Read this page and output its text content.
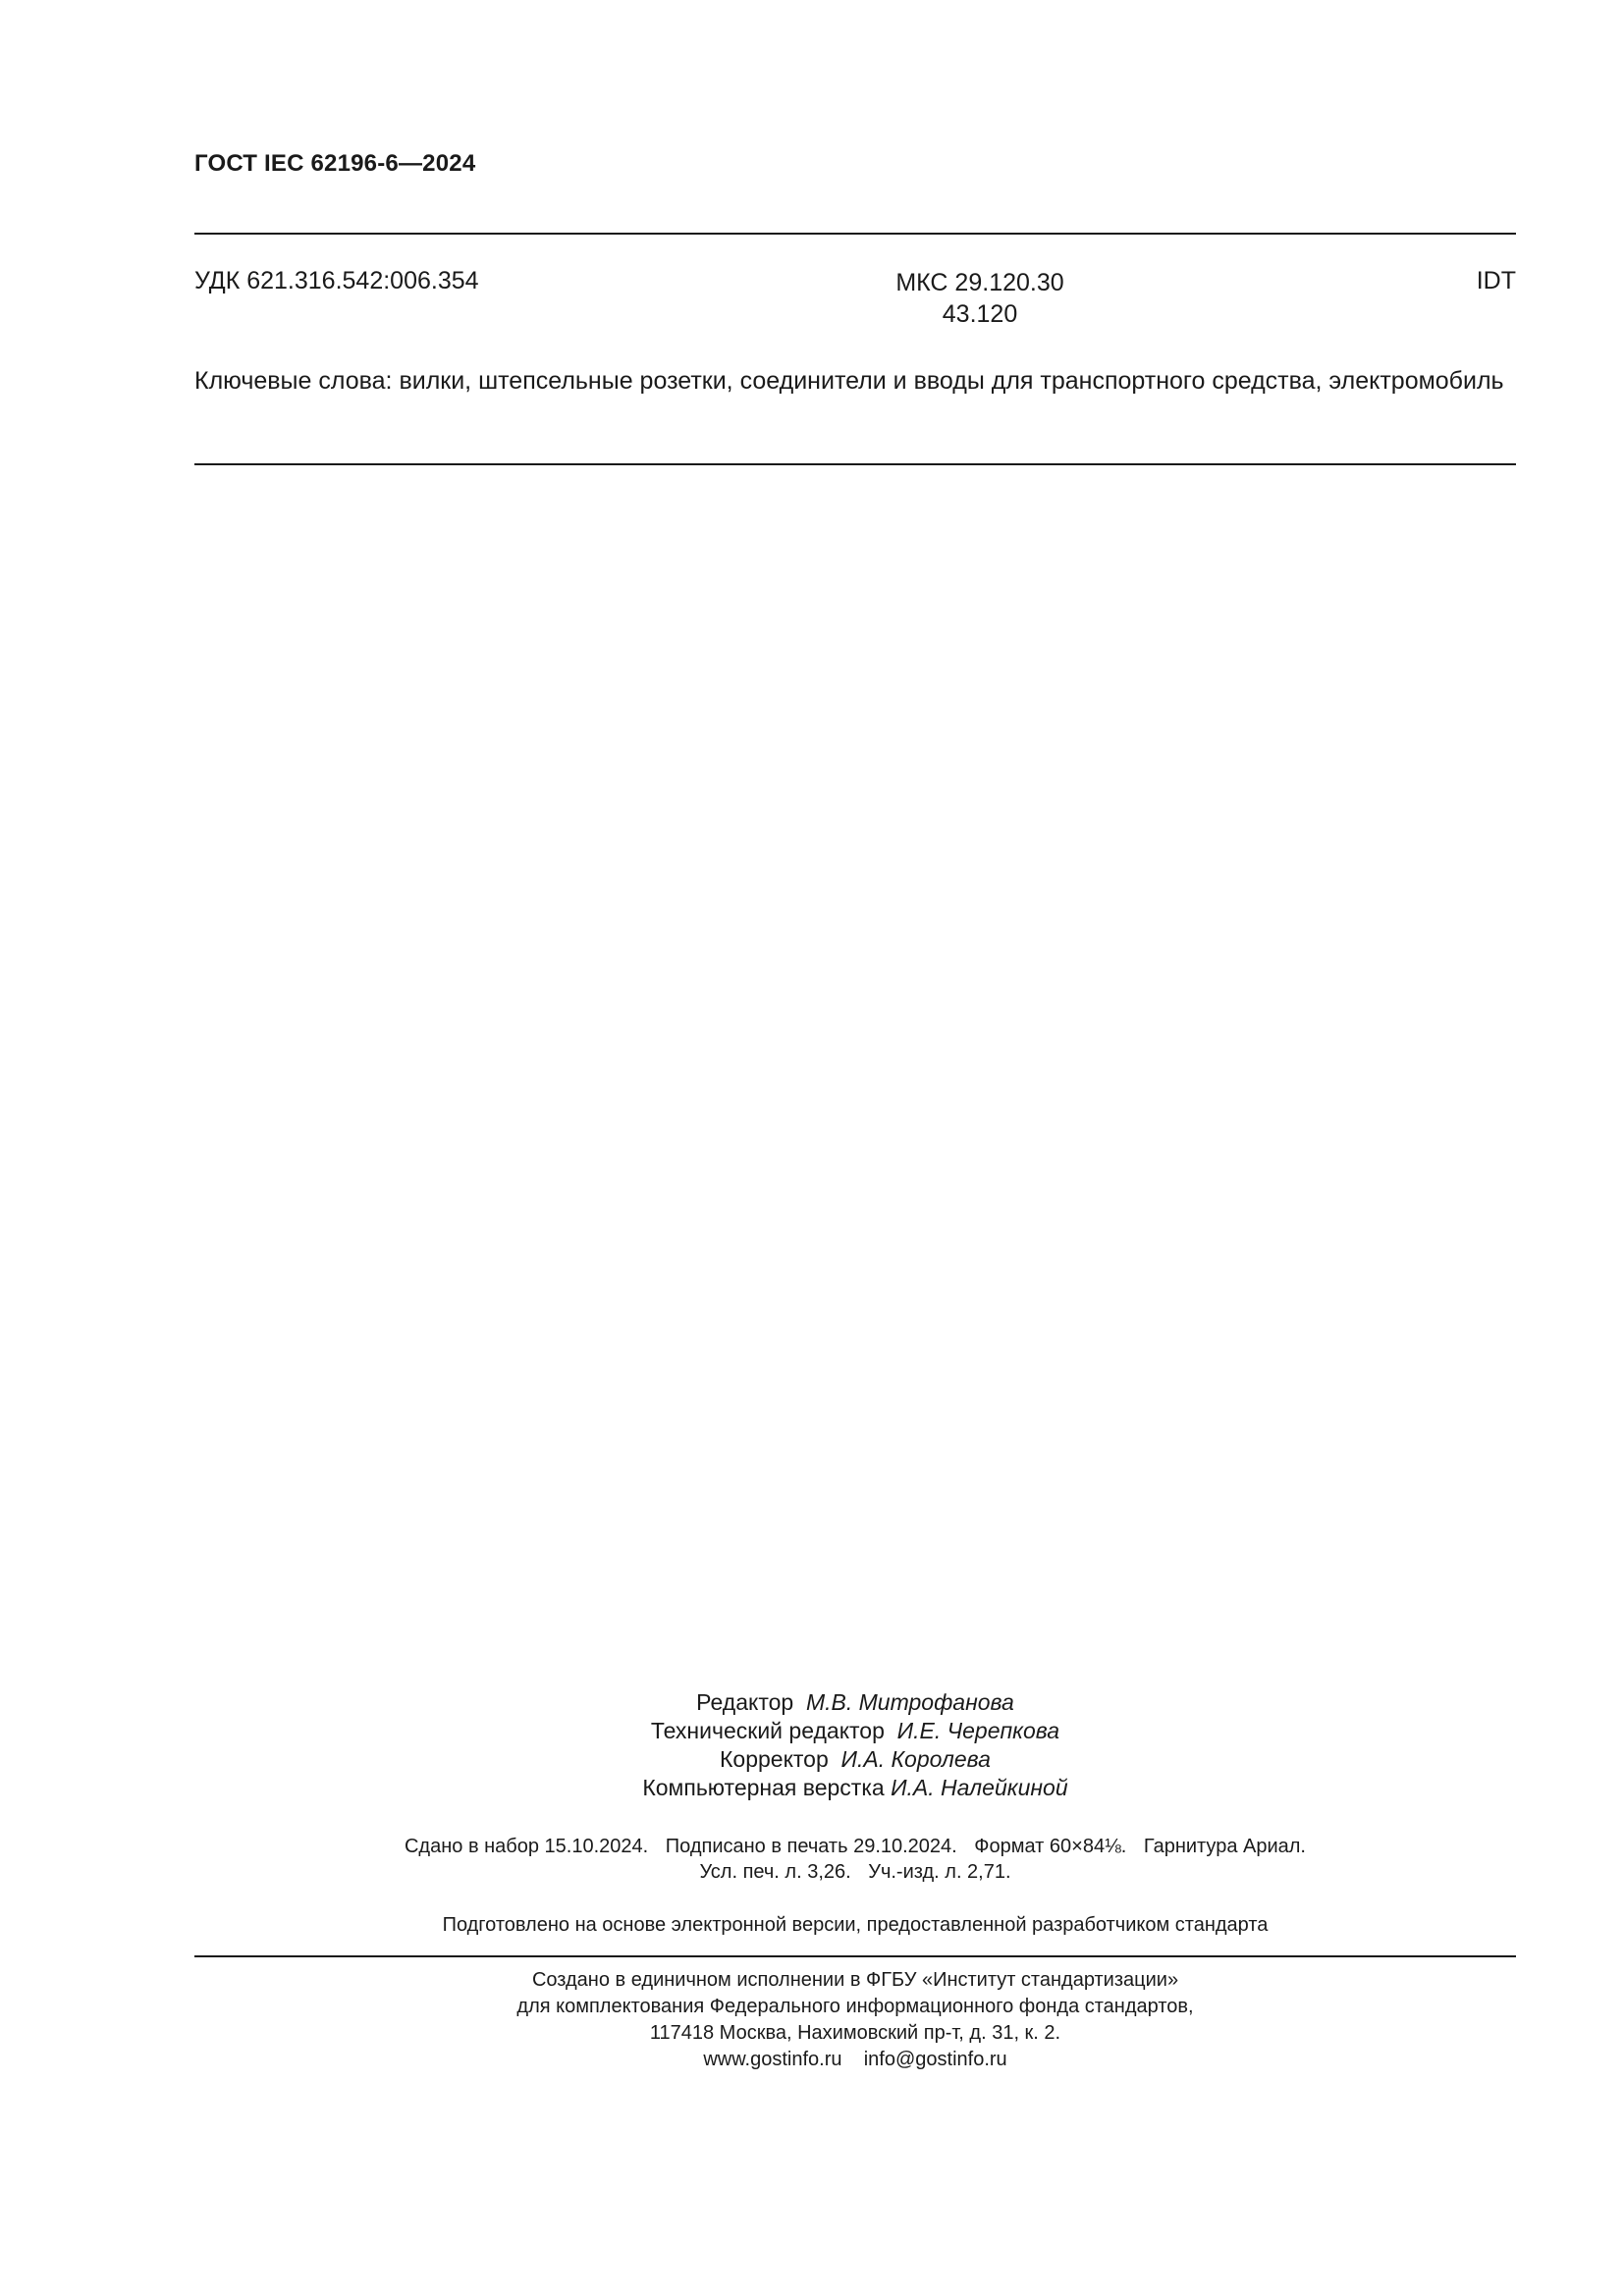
ГОСТ IEC 62196-6—2024
УДК 621.316.542:006.354	МКС 29.120.30
43.120
IDT
Ключевые слова: вилки, штепсельные розетки, соединители и вводы для транспортного средства, электромобиль
Редактор М.В. Митрофанова
Технический редактор И.Е. Черепкова
Корректор И.А. Королева
Компьютерная верстка И.А. Налейкиной
Сдано в набор 15.10.2024. Подписано в печать 29.10.2024. Формат 60×84⅛. Гарнитура Ариал.
Усл. печ. л. 3,26. Уч.-изд. л. 2,71.
Подготовлено на основе электронной версии, предоставленной разработчиком стандарта
Создано в единичном исполнении в ФГБУ «Институт стандартизации»
для комплектования Федерального информационного фонда стандартов,
117418 Москва, Нахимовский пр-т, д. 31, к. 2.
www.gostinfo.ru info@gostinfo.ru
